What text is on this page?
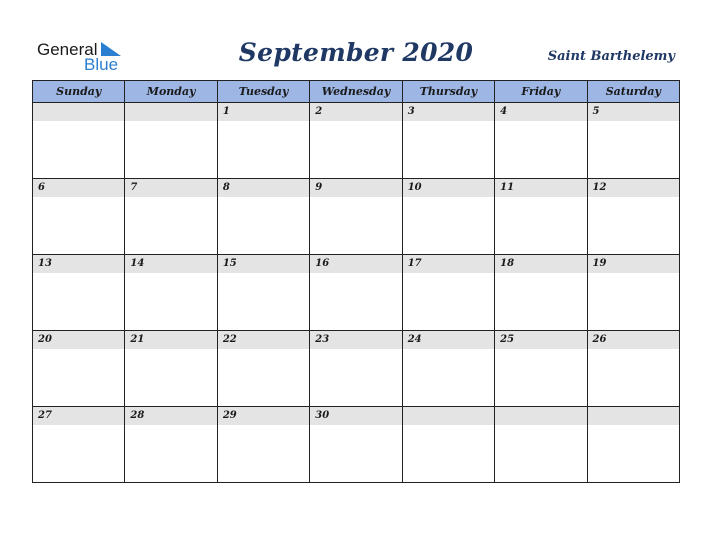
General
Blue	September 2020	Saint Barthelemy
Sunday	Monday	Tuesday	Wednesday	Thursday	Friday	Saturday

		1	2	3	4	5

6	7	8	9	10	11	12

13	14	15	16	17	18	19

20	21	22	23	24	25	26

27	28	29	30			
